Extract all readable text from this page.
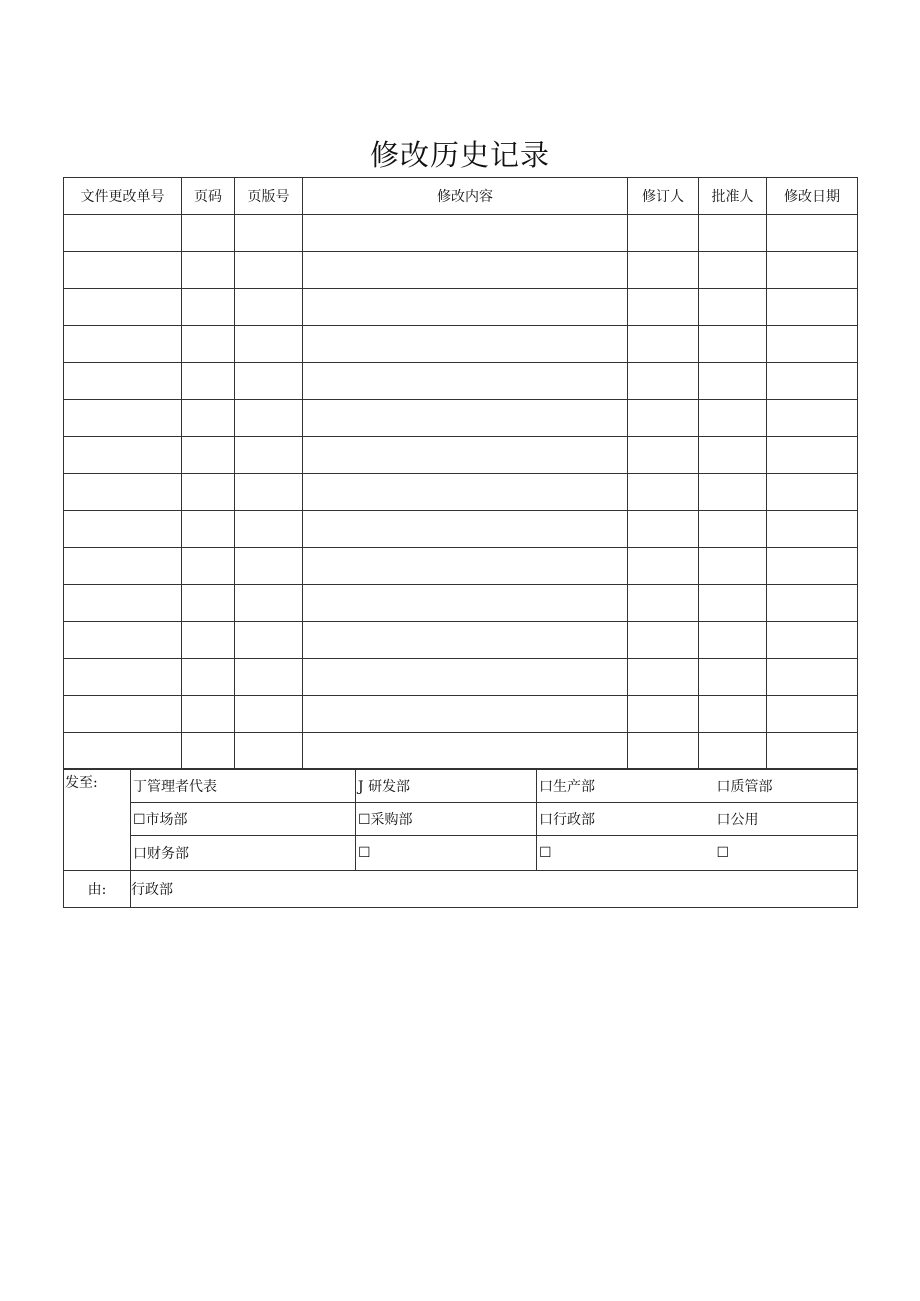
修改历史记录
文件更改单号	页码	页版号	修改内容	修订人	批准人	修改日期

发至:	丁管理者代表	J 研发部	口生产部	口质管部
	☐市场部	☐采购部	口行政部	口公用
	口财务部	☐	☐	☐
由:	行政部			
